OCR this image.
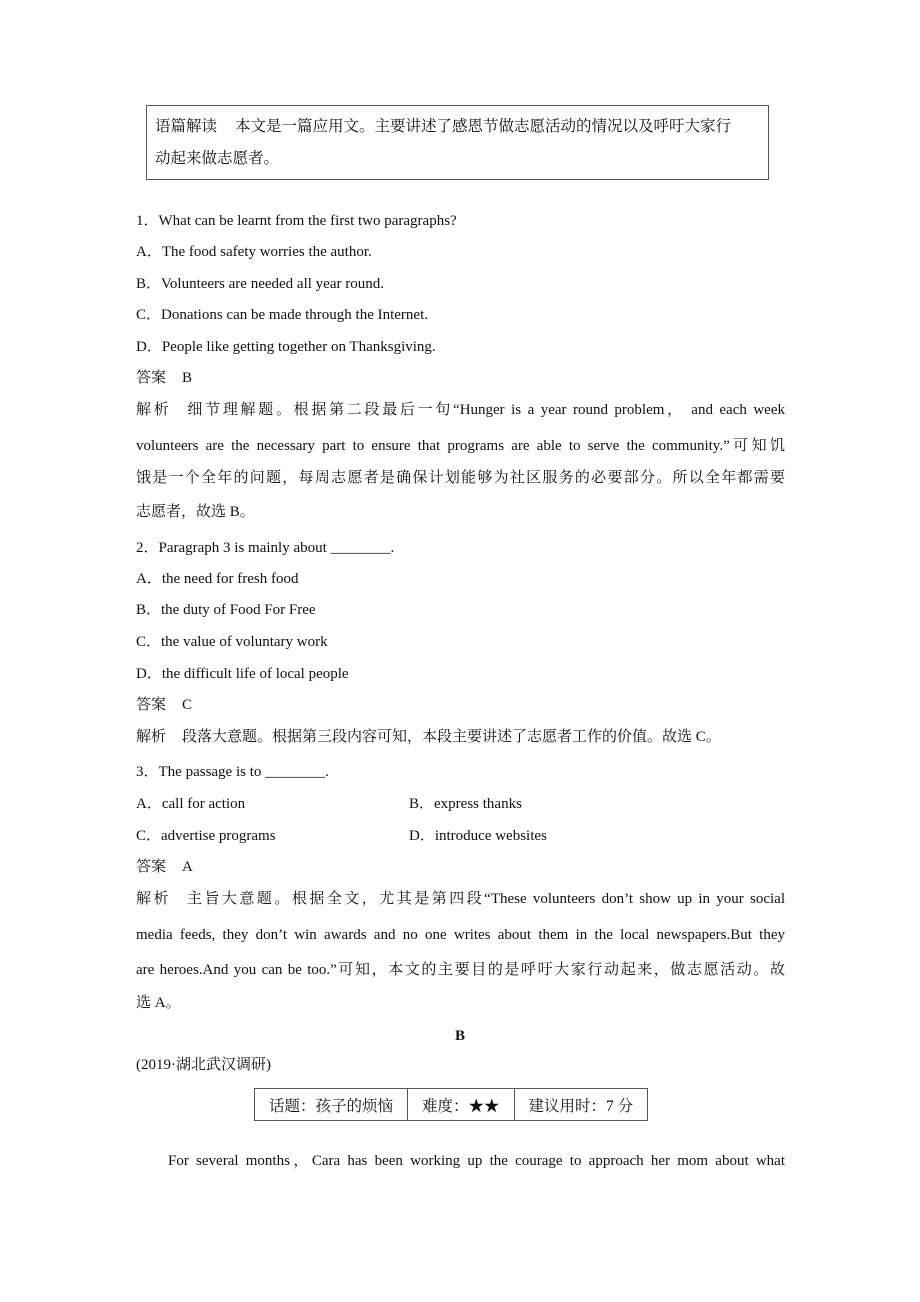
语篇解读 本文是一篇应用文。主要讲述了感恩节做志愿活动的情况以及呼吁大家行
动起来做志愿者。
1．What can be learnt from the first two paragraphs?
A．The food safety worries the author.
B．Volunteers are needed all year round.
C．Donations can be made through the Internet.
D．People like getting together on Thanksgiving.
答案 B
解析 细节理解题。根据第二段最后一句“Hunger is a year round problem， and each week
volunteers are the necessary part to ensure that programs are able to serve the community.”可知饥
饿是一个全年的问题，每周志愿者是确保计划能够为社区服务的必要部分。所以全年都需要
志愿者，故选 B。
2．Paragraph 3 is mainly about ________.
A．the need for fresh food
B．the duty of Food For Free
C．the value of voluntary work
D．the difficult life of local people
答案 C
解析 段落大意题。根据第三段内容可知，本段主要讲述了志愿者工作的价值。故选 C。
3．The passage is to ________.
A．call for action	B．express thanks
C．advertise programs	D．introduce websites
答案 A
解析 主旨大意题。根据全文，尤其是第四段“These volunteers don’t show up in your social
media feeds, they don’t win awards and no one writes about them in the local newspapers.But they
are heroes.And you can be too.”可知，本文的主要目的是呼吁大家行动起来，做志愿活动。故
选 A。
B
(2019·湖北武汉调研)
话题：孩子的烦恼	难度：★★	建议用时：7 分
For several months，Cara has been working up the courage to approach her mom about what
